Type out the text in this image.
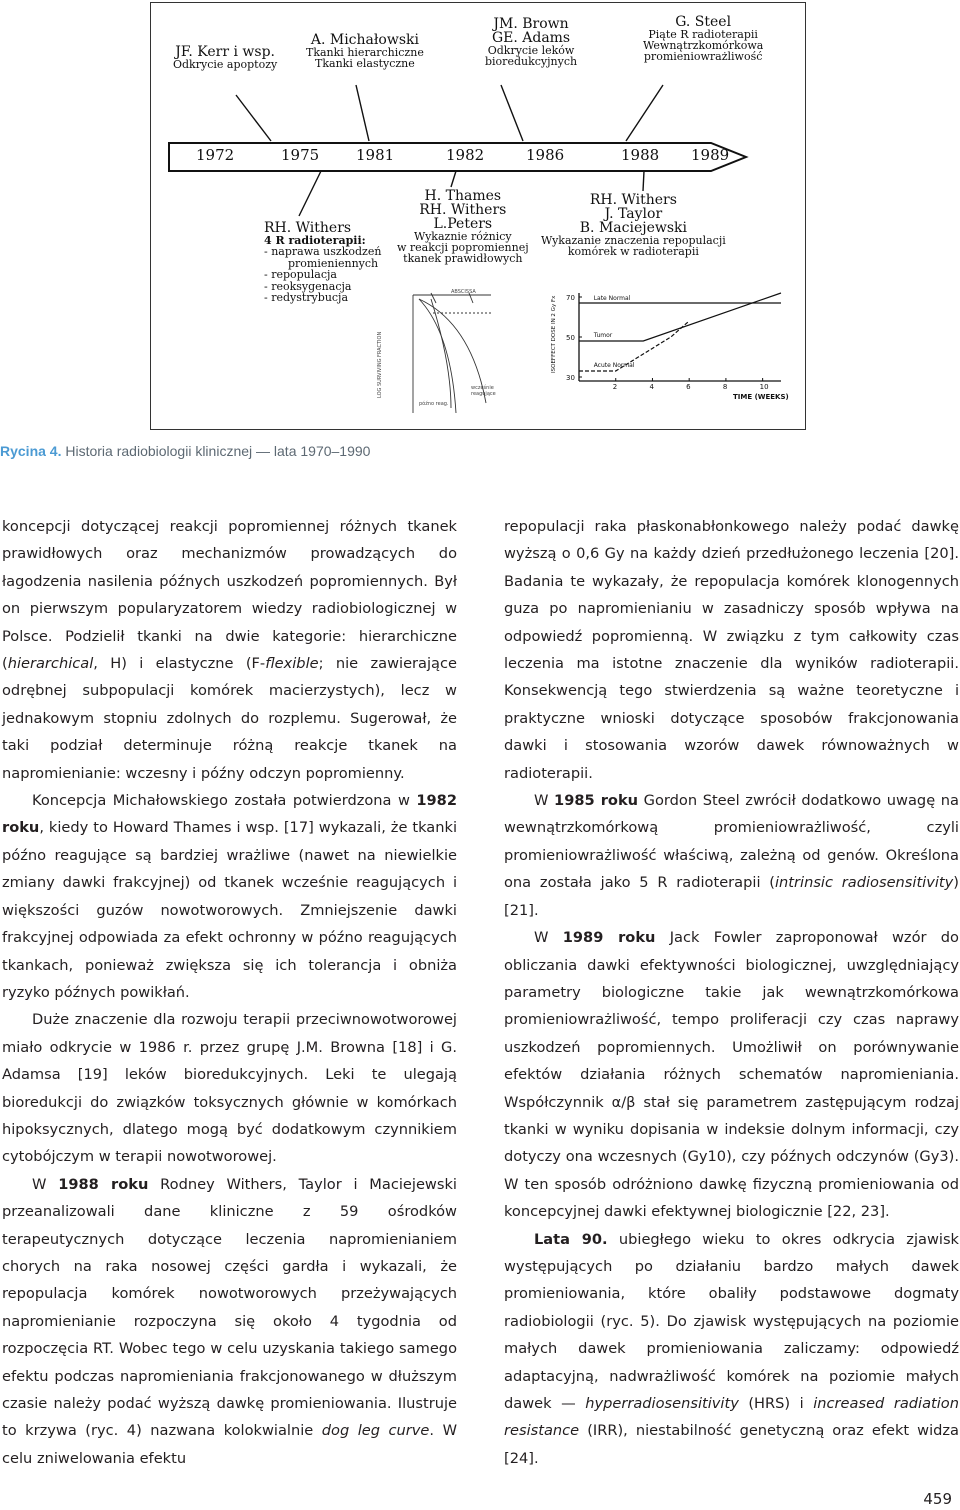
ABSCISSA
LOG SURVIVING FRACTION	wcześnie
reagujące
późno reag.
Late Normal
Tumor
Acute Normal
2	4	6	8	10
30
50
70
TIME (WEEKS)
ISOEFFECT DOSE IN 2 Gy Fx
JF. Kerr i wsp.
Odkrycie apoptozy
A. Michałowski
Tkanki hierarchiczne
Tkanki elastyczne
JM. Brown
GE. Adams
Odkrycie leków
bioredukcyjnych
G. Steel
Piąte R radioterapii
Wewnątrzkomórkowa
promieniowrażliwość
1972	1975 1981	1982	1986	1988 1989
RH. Withers
4 R radioterapii:
- naprawa uszkodzeń
promieniennych
- repopulacja
- reoksygenacja
- redystrybucja
H. Thames
RH. Withers
L.Peters
Wykaznie różnicy
w reakcji popromiennej
tkanek prawidłowych
RH. Withers
J. Taylor
B. Maciejewski
Wykazanie znaczenia repopulacji
komórek w radioterapii
Rycina 4. Historia radiobiologii klinicznej — lata 1970–1990

koncepcji dotyczącej reakcji popromiennej różnych tkanek prawidłowych oraz mechanizmów prowadzących do łagodzenia nasilenia późnych uszkodzeń popromiennych. Był on pierwszym popularyzatorem wiedzy radiobiologicznej w Polsce. Podzielił tkanki na dwie kategorie: hierarchiczne (hierarchical, H) i elastyczne (F-flexible; nie zawierające odrębnej subpopulacji komórek macierzystych), lecz w jednakowym stopniu zdolnych do rozplemu. Sugerował, że taki podział determinuje różną reakcje tkanek na napromienianie: wczesny i późny odczyn popromienny.

Koncepcja Michałowskiego została potwierdzona w 1982 roku, kiedy to Howard Thames i wsp. [17] wykazali, że tkanki późno reagujące są bardziej wrażliwe (nawet na niewielkie zmiany dawki frakcyjnej) od tkanek wcześnie reagujących i większości guzów nowotworowych. Zmniejszenie dawki frakcyjnej odpowiada za efekt ochronny w późno reagujących tkankach, ponieważ zwiększa się ich tolerancja i obniża ryzyko późnych powikłań.

Duże znaczenie dla rozwoju terapii przeciwnowotworowej miało odkrycie w 1986 r. przez grupę J.M. Browna [18] i G. Adamsa [19] leków bioredukcyjnych. Leki te ulegają bioredukcji do związków toksycznych głównie w komórkach hipoksycznych, dlatego mogą być dodatkowym czynnikiem cytobójczym w terapii nowotworowej.

W 1988 roku Rodney Withers, Taylor i Maciejewski przeanalizowali dane kliniczne z 59 ośrodków terapeutycznych dotyczące leczenia napromienianiem chorych na raka nosowej części gardła i wykazali, że repopulacja komórek nowotworowych przeżywających napromienianie rozpoczyna się około 4 tygodnia od rozpoczęcia RT. Wobec tego w celu uzyskania takiego samego efektu podczas napromieniania frakcjonowanego w dłuższym czasie należy podać wyższą dawkę promieniowania. Ilustruje to krzywa (ryc. 4) nazwana kolokwialnie dog leg curve. W celu zniwelowania efektu

repopulacji raka płaskonabłonkowego należy podać dawkę wyższą o 0,6 Gy na każdy dzień przedłużonego leczenia [20]. Badania te wykazały, że repopulacja komórek klonogennych guza po napromienianiu w zasadniczy sposób wpływa na odpowiedź popromienną. W związku z tym całkowity czas leczenia ma istotne znaczenie dla wyników radioterapii. Konsekwencją tego stwierdzenia są ważne teoretyczne i praktyczne wnioski dotyczące sposobów frakcjonowania dawki i stosowania wzorów dawek równoważnych w radioterapii.

W 1985 roku Gordon Steel zwrócił dodatkowo uwagę na wewnątrzkomórkową promieniowrażliwość, czyli promieniowrażliwość właściwą, zależną od genów. Określona ona została jako 5 R radioterapii (intrinsic radiosensitivity) [21].

W 1989 roku Jack Fowler zaproponował wzór do obliczania dawki efektywności biologicznej, uwzględniający parametry biologiczne takie jak wewnątrzkomórkowa promieniowrażliwość, tempo proliferacji czy czas naprawy uszkodzeń popromiennych. Umożliwił on porównywanie efektów działania różnych schematów napromieniania. Współczynnik α/β stał się parametrem zastępującym rodzaj tkanki w wyniku dopisania w indeksie dolnym informacji, czy dotyczy ona wczesnych (Gy10), czy późnych odczynów (Gy3). W ten sposób odróżniono dawkę fizyczną promieniowania od koncepcyjnej dawki efektywnej biologicznie [22, 23].

Lata 90. ubiegłego wieku to okres odkrycia zjawisk występujących po działaniu bardzo małych dawek promieniowania, które obaliły podstawowe dogmaty radiobiologii (ryc. 5). Do zjawisk występujących na poziomie małych dawek promieniowania zaliczamy: odpowiedź adaptacyjną, nadwrażliwość komórek na poziomie małych dawek — hyperradiosensitivity (HRS) i increased radiation resistance (IRR), niestabilność genetyczną oraz efekt widza [24].

459
